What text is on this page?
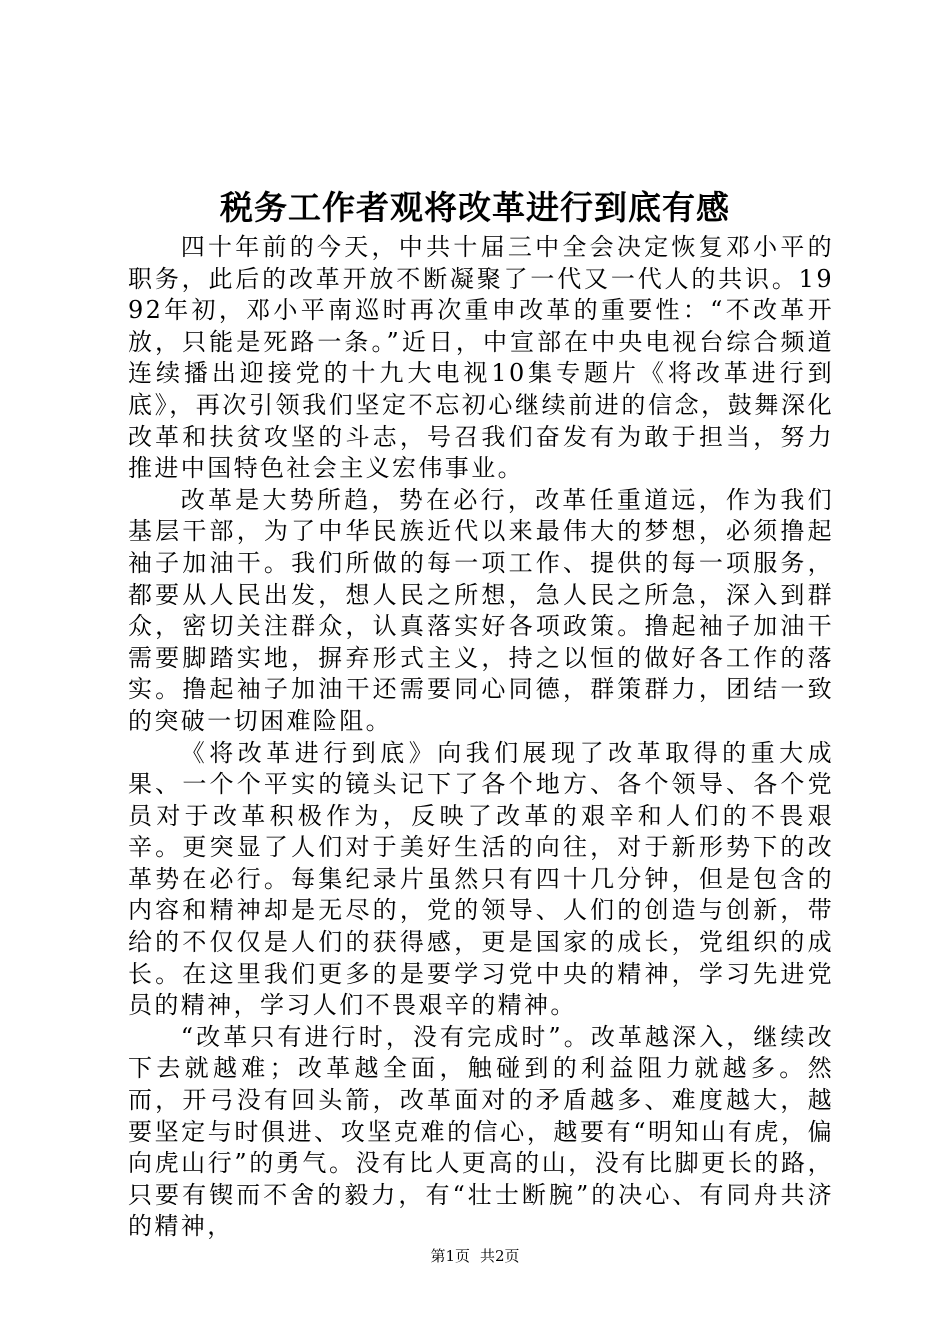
税务工作者观将改革进行到底有感

四十年前的今天，中共十届三中全会决定恢复邓小平的职务，此后的改革开放不断凝聚了一代又一代人的共识。1992年初，邓小平南巡时再次重申改革的重要性：“不改革开放，只能是死路一条。”近日，中宣部在中央电视台综合频道连续播出迎接党的十九大电视10集专题片《将改革进行到底》，再次引领我们坚定不忘初心继续前进的信念，鼓舞深化改革和扶贫攻坚的斗志，号召我们奋发有为敢于担当，努力推进中国特色社会主义宏伟事业。

改革是大势所趋，势在必行，改革任重道远，作为我们基层干部，为了中华民族近代以来最伟大的梦想，必须撸起袖子加油干。我们所做的每一项工作、提供的每一项服务，都要从人民出发，想人民之所想，急人民之所急，深入到群众，密切关注群众，认真落实好各项政策。撸起袖子加油干需要脚踏实地，摒弃形式主义，持之以恒的做好各工作的落实。撸起袖子加油干还需要同心同德，群策群力，团结一致的突破一切困难险阻。

《将改革进行到底》向我们展现了改革取得的重大成果、一个个平实的镜头记下了各个地方、各个领导、各个党员对于改革积极作为，反映了改革的艰辛和人们的不畏艰辛。更突显了人们对于美好生活的向往，对于新形势下的改革势在必行。每集纪录片虽然只有四十几分钟，但是包含的内容和精神却是无尽的，党的领导、人们的创造与创新，带给的不仅仅是人们的获得感，更是国家的成长，党组织的成长。在这里我们更多的是要学习党中央的精神，学习先进党员的精神，学习人们不畏艰辛的精神。

“改革只有进行时，没有完成时”。改革越深入，继续改下去就越难；改革越全面，触碰到的利益阻力就越多。然而，开弓没有回头箭，改革面对的矛盾越多、难度越大，越要坚定与时俱进、攻坚克难的信心，越要有“明知山有虎，偏向虎山行”的勇气。没有比人更高的山，没有比脚更长的路，只要有锲而不舍的毅力，有“壮士断腕”的决心、有同舟共济的精神，

第1页 共2页
